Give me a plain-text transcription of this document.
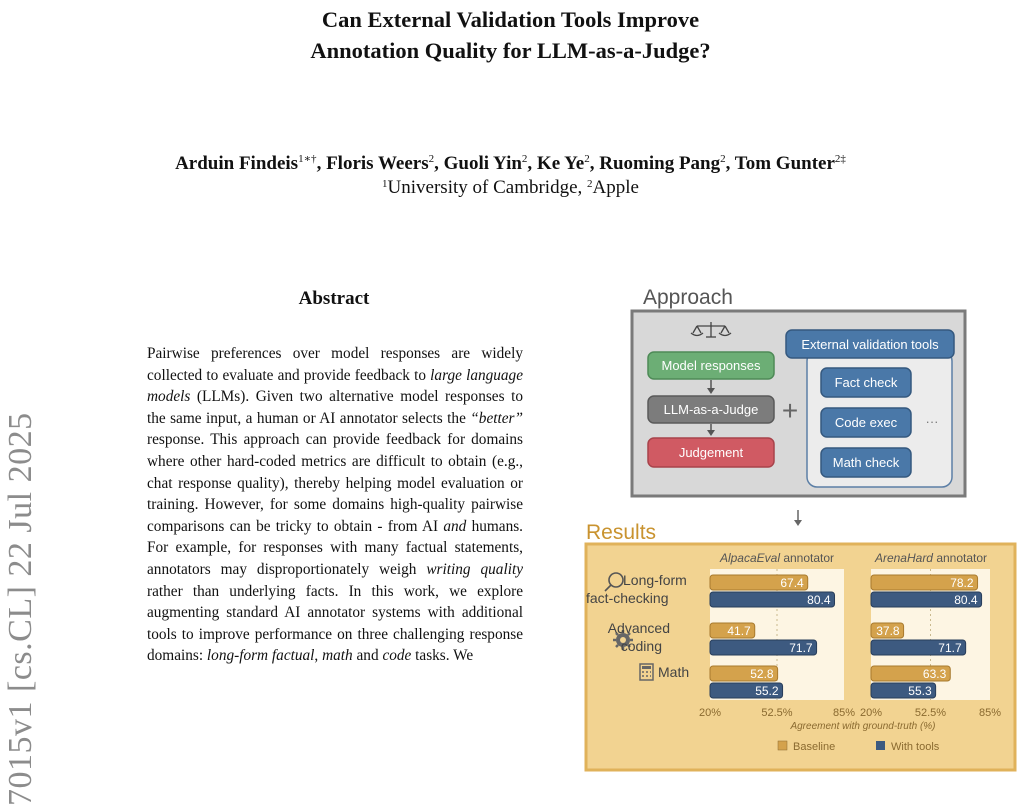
Can External Validation Tools Improve
Annotation Quality for LLM-as-a-Judge?
Arduin Findeis$^{1∗\dagger}$, Floris Weers$^2$, Guoli Yin$^2$, Ke Ye$^2$, Ruoming Pang$^2$, Tom Gunter$^{2\ddagger}$
$^1$University of Cambridge, $^2$Apple
7015v1 [cs.CL] 22 Jul 2025
Abstract
Pairwise preferences over model responses are widely collected to evaluate and provide feedback to large language models (LLMs). Given two alternative model responses to the same input, a human or AI annotator selects the “better” response. This approach can provide feedback for domains where other hard-coded metrics are difficult to obtain (e.g., chat response quality), thereby helping model evaluation or training. However, for some domains high-quality pairwise comparisons can be tricky to obtain - from AI and humans. For example, for responses with many factual statements, annotators may disproportionately weigh writing quality rather than underlying facts. In this work, we explore augmenting standard AI annotator systems with additional tools to improve performance on three challenging response domains: long-form factual, math and code tasks. We
Approach
Model responses
LLM-as-a-Judge
Judgement
+
External validation tools
Fact check
Code exec
Math check
···
Results
Long-form
fact-checking
Advanced
coding
Math
AlpacaEval annotator	ArenaHard annotator
67.4
80.4
41.7
71.7
52.8
55.2
20%	52.5%	85%
78.2
80.4
37.8
71.7
63.3
55.3
20%	52.5%	85%
Agreement with ground-truth (%)
Baseline	With tools
